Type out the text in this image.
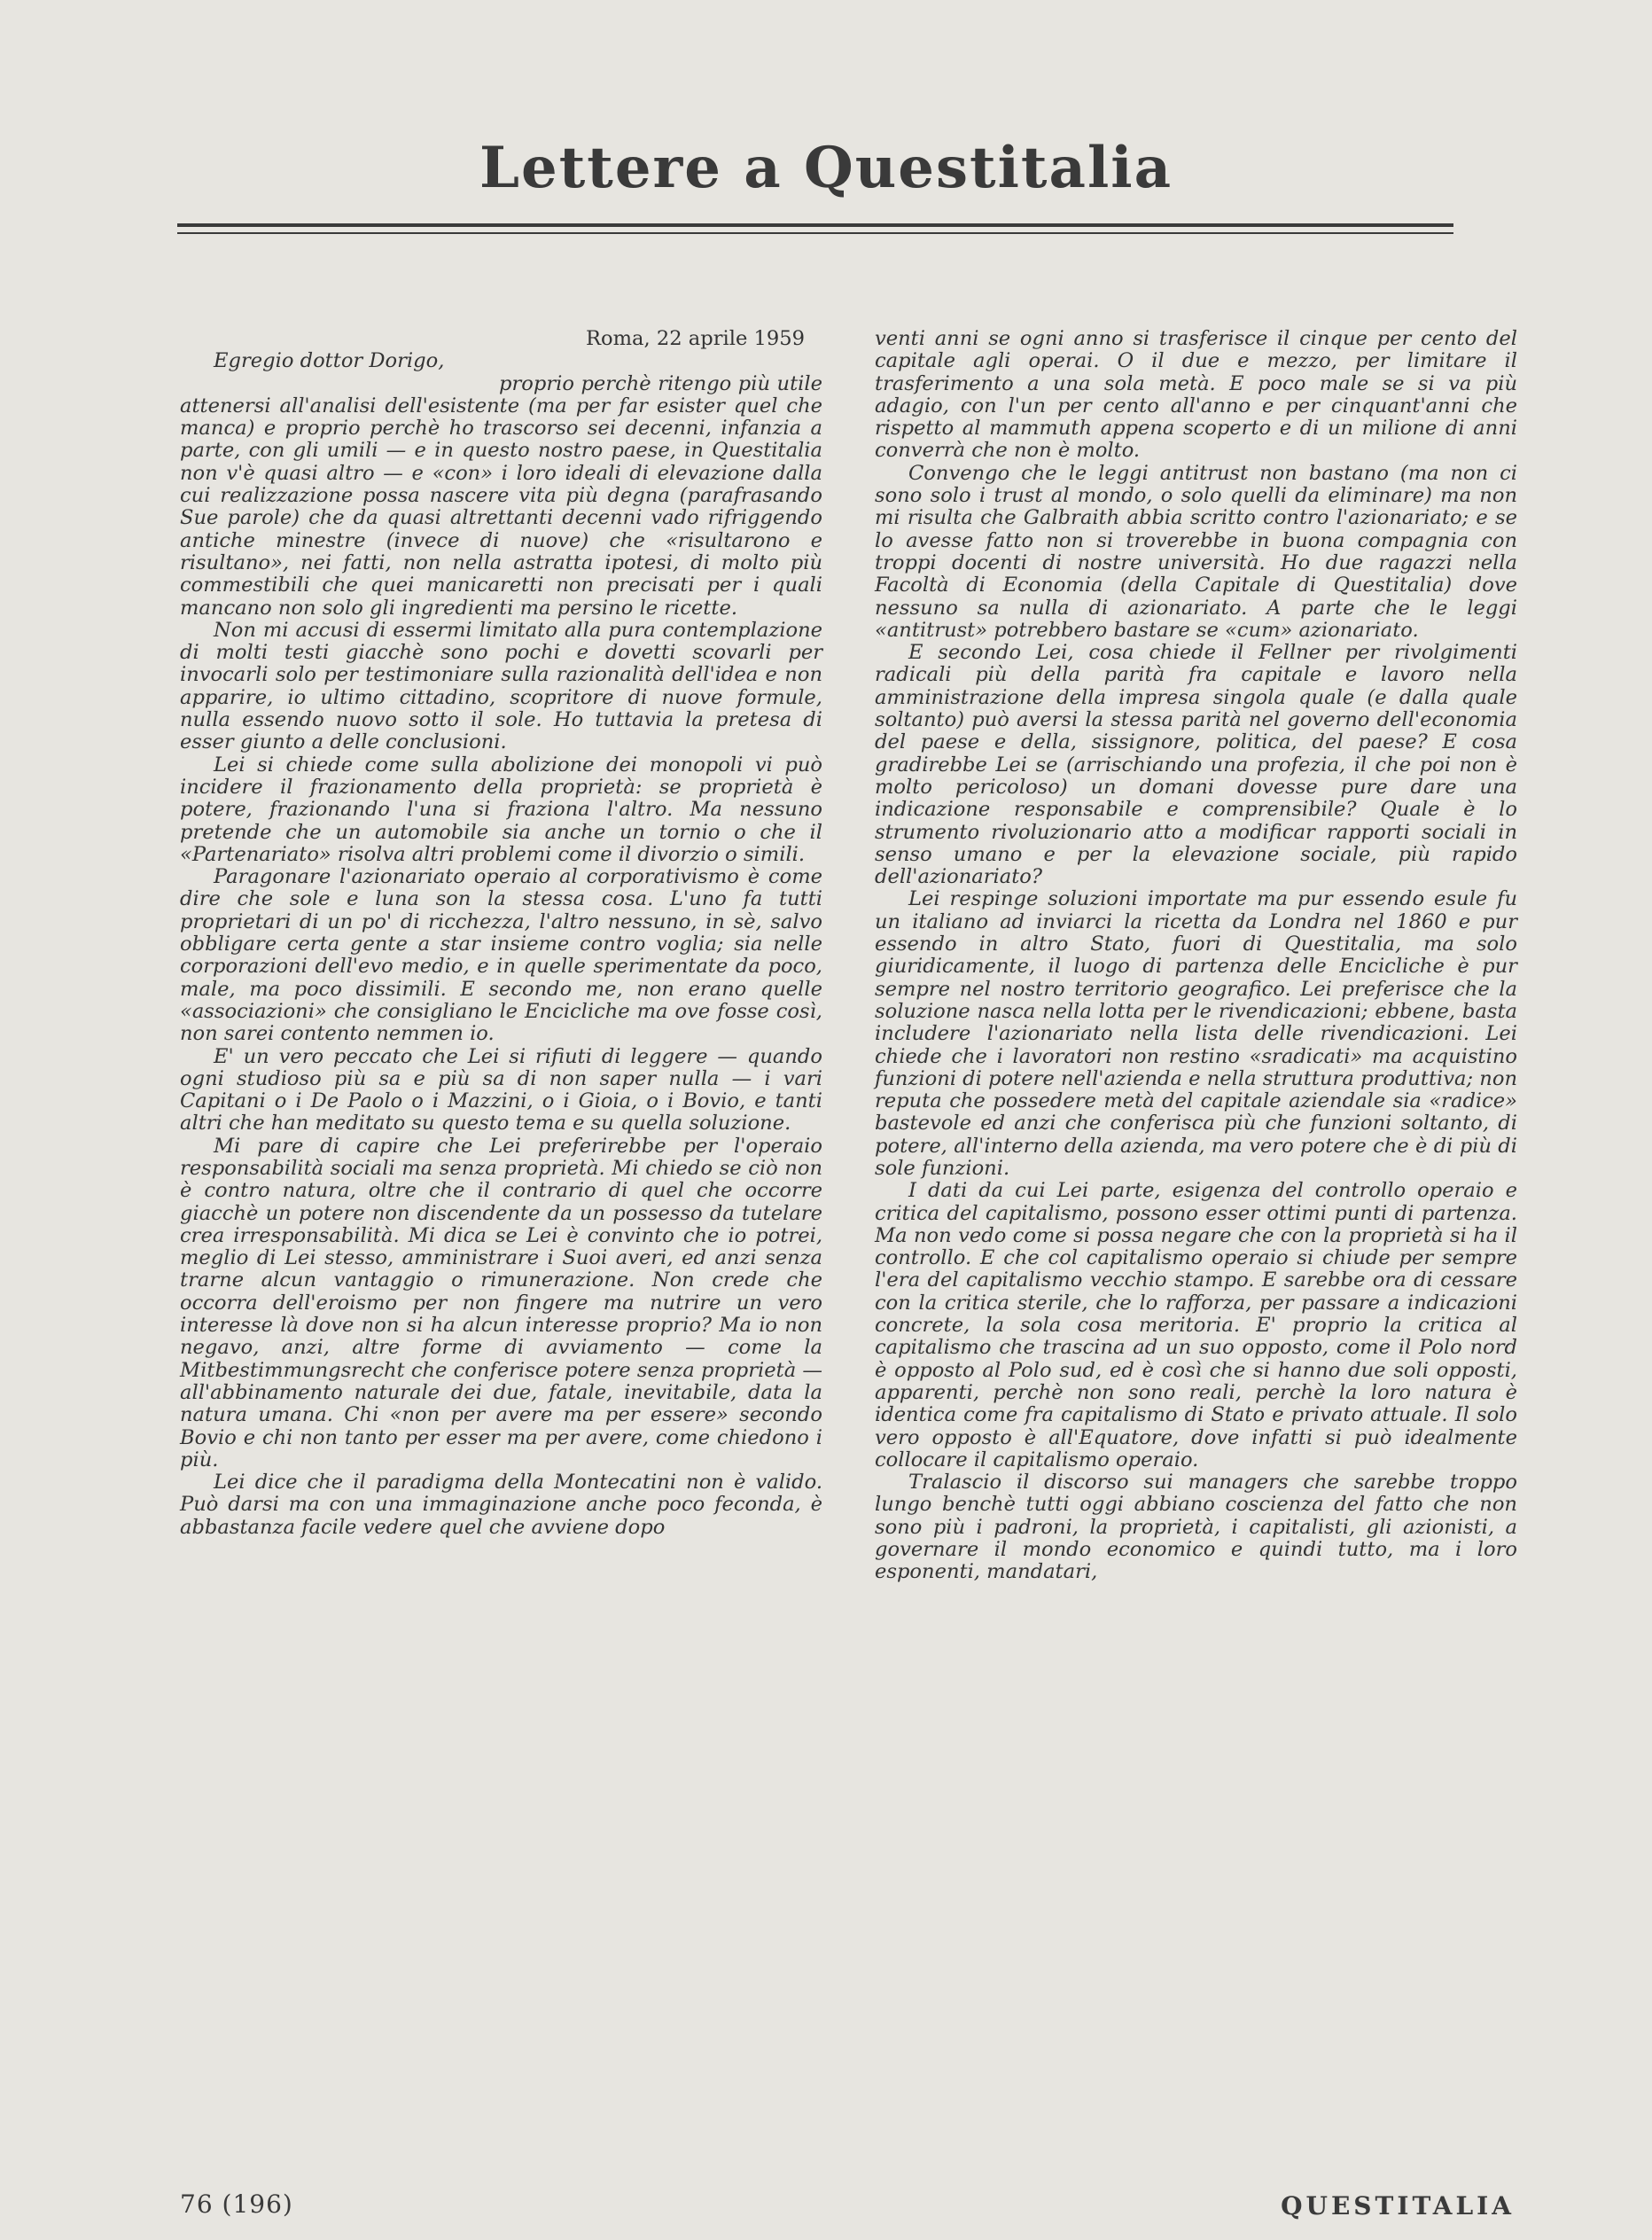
Lettere a Questitalia
Roma, 22 aprile 1959

Egregio dottor Dorigo,

proprio perchè ritengo più utile attenersi all'analisi dell'esistente (ma per far esister quel che manca) e proprio perchè ho trascorso sei decenni, infanzia a parte, con gli umili — e in questo nostro paese, in Questitalia non v'è quasi altro — e «con» i loro ideali di elevazione dalla cui realizzazione possa nascere vita più degna (parafrasando Sue parole) che da quasi altrettanti decenni vado rifriggendo antiche minestre (invece di nuove) che «risultarono e risultano», nei fatti, non nella astratta ipotesi, di molto più commestibili che quei manicaretti non precisati per i quali mancano non solo gli ingredienti ma persino le ricette.

Non mi accusi di essermi limitato alla pura contemplazione di molti testi giacchè sono pochi e dovetti scovarli per invocarli solo per testimoniare sulla razionalità dell'idea e non apparire, io ultimo cittadino, scopritore di nuove formule, nulla essendo nuovo sotto il sole. Ho tuttavia la pretesa di esser giunto a delle conclusioni.

Lei si chiede come sulla abolizione dei monopoli vi può incidere il frazionamento della proprietà: se proprietà è potere, frazionando l'una si fraziona l'altro. Ma nessuno pretende che un automobile sia anche un tornio o che il «Partenariato» risolva altri problemi come il divorzio o simili.

Paragonare l'azionariato operaio al corporativismo è come dire che sole e luna son la stessa cosa. L'uno fa tutti proprietari di un po' di ricchezza, l'altro nessuno, in sè, salvo obbligare certa gente a star insieme contro voglia; sia nelle corporazioni dell'evo medio, e in quelle sperimentate da poco, male, ma poco dissimili. E secondo me, non erano quelle «associazioni» che consigliano le Encicliche ma ove fosse così, non sarei contento nemmen io.

E' un vero peccato che Lei si rifiuti di leggere — quando ogni studioso più sa e più sa di non saper nulla — i vari Capitani o i De Paolo o i Mazzini, o i Gioia, o i Bovio, e tanti altri che han meditato su questo tema e su quella soluzione.

Mi pare di capire che Lei preferirebbe per l'operaio responsabilità sociali ma senza proprietà. Mi chiedo se ciò non è contro natura, oltre che il contrario di quel che occorre giacchè un potere non discendente da un possesso da tutelare crea irresponsabilità. Mi dica se Lei è convinto che io potrei, meglio di Lei stesso, amministrare i Suoi averi, ed anzi senza trarne alcun vantaggio o rimunerazione. Non crede che occorra dell'eroismo per non fingere ma nutrire un vero interesse là dove non si ha alcun interesse proprio? Ma io non negavo, anzi, altre forme di avviamento — come la Mitbestimmungsrecht che conferisce potere senza proprietà — all'abbinamento naturale dei due, fatale, inevitabile, data la natura umana. Chi «non per avere ma per essere» secondo Bovio e chi non tanto per esser ma per avere, come chiedono i più.

Lei dice che il paradigma della Montecatini non è valido. Può darsi ma con una immaginazione anche poco feconda, è abbastanza facile vedere quel che avviene dopo

venti anni se ogni anno si trasferisce il cinque per cento del capitale agli operai. O il due e mezzo, per limitare il trasferimento a una sola metà. E poco male se si va più adagio, con l'un per cento all'anno e per cinquant'anni che rispetto al mammuth appena scoperto e di un milione di anni converrà che non è molto.

Convengo che le leggi antitrust non bastano (ma non ci sono solo i trust al mondo, o solo quelli da eliminare) ma non mi risulta che Galbraith abbia scritto contro l'azionariato; e se lo avesse fatto non si troverebbe in buona compagnia con troppi docenti di nostre università. Ho due ragazzi nella Facoltà di Economia (della Capitale di Questitalia) dove nessuno sa nulla di azionariato. A parte che le leggi «antitrust» potrebbero bastare se «cum» azionariato.

E secondo Lei, cosa chiede il Fellner per rivolgimenti radicali più della parità fra capitale e lavoro nella amministrazione della impresa singola quale (e dalla quale soltanto) può aversi la stessa parità nel governo dell'economia del paese e della, sissignore, politica, del paese? E cosa gradirebbe Lei se (arrischiando una profezia, il che poi non è molto pericoloso) un domani dovesse pure dare una indicazione responsabile e comprensibile? Quale è lo strumento rivoluzionario atto a modificar rapporti sociali in senso umano e per la elevazione sociale, più rapido dell'azionariato?

Lei respinge soluzioni importate ma pur essendo esule fu un italiano ad inviarci la ricetta da Londra nel 1860 e pur essendo in altro Stato, fuori di Questitalia, ma solo giuridicamente, il luogo di partenza delle Encicliche è pur sempre nel nostro territorio geografico. Lei preferisce che la soluzione nasca nella lotta per le rivendicazioni; ebbene, basta includere l'azionariato nella lista delle rivendicazioni. Lei chiede che i lavoratori non restino «sradicati» ma acquistino funzioni di potere nell'azienda e nella struttura produttiva; non reputa che possedere metà del capitale aziendale sia «radice» bastevole ed anzi che conferisca più che funzioni soltanto, di potere, all'interno della azienda, ma vero potere che è di più di sole funzioni.

I dati da cui Lei parte, esigenza del controllo operaio e critica del capitalismo, possono esser ottimi punti di partenza. Ma non vedo come si possa negare che con la proprietà si ha il controllo. E che col capitalismo operaio si chiude per sempre l'era del capitalismo vecchio stampo. E sarebbe ora di cessare con la critica sterile, che lo rafforza, per passare a indicazioni concrete, la sola cosa meritoria. E' proprio la critica al capitalismo che trascina ad un suo opposto, come il Polo nord è opposto al Polo sud, ed è così che si hanno due soli opposti, apparenti, perchè non sono reali, perchè la loro natura è identica come fra capitalismo di Stato e privato attuale. Il solo vero opposto è all'Equatore, dove infatti si può idealmente collocare il capitalismo operaio.

Tralascio il discorso sui managers che sarebbe troppo lungo benchè tutti oggi abbiano coscienza del fatto che non sono più i padroni, la proprietà, i capitalisti, gli azionisti, a governare il mondo economico e quindi tutto, ma i loro esponenti, mandatari,

76 (196)	QUESTITALIA
